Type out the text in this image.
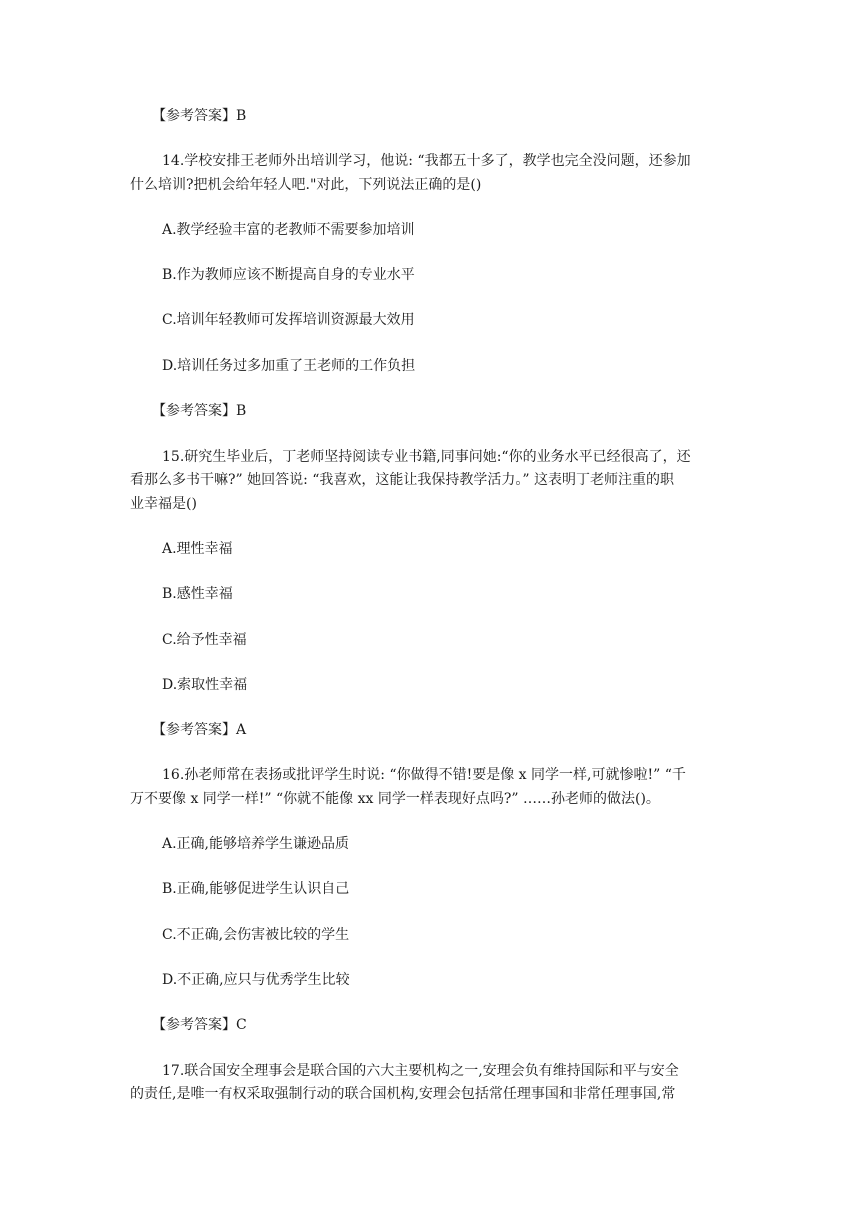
【参考答案】B
14.学校安排王老师外出培训学习，他说: “我都五十多了，教学也完全没问题，还参加
什么培训?把机会给年轻人吧."对此，下列说法正确的是()
A.教学经验丰富的老教师不需要参加培训
B.作为教师应该不断提高自身的专业水平
C.培训年轻教师可发挥培训资源最大效用
D.培训任务过多加重了王老师的工作负担
【参考答案】B
15.研究生毕业后，丁老师坚持阅读专业书籍,同事问她:“你的业务水平已经很高了，还
看那么多书干嘛?” 她回答说: “我喜欢，这能让我保持教学活力。” 这表明丁老师注重的职
业幸福是()
A.理性幸福
B.感性幸福
C.给予性幸福
D.索取性幸福
【参考答案】A
16.孙老师常在表扬或批评学生时说: “你做得不错!要是像 x 同学一样,可就惨啦!” “千
万不要像 x 同学一样!” “你就不能像 xx 同学一样表现好点吗?” ……孙老师的做法()。
A.正确,能够培养学生谦逊品质
B.正确,能够促进学生认识自己
C.不正确,会伤害被比较的学生
D.不正确,应只与优秀学生比较
【参考答案】C
17.联合国安全理事会是联合国的六大主要机构之一,安理会负有维持国际和平与安全
的责任,是唯一有权采取强制行动的联合国机构,安理会包括常任理事国和非常任理事国,常
